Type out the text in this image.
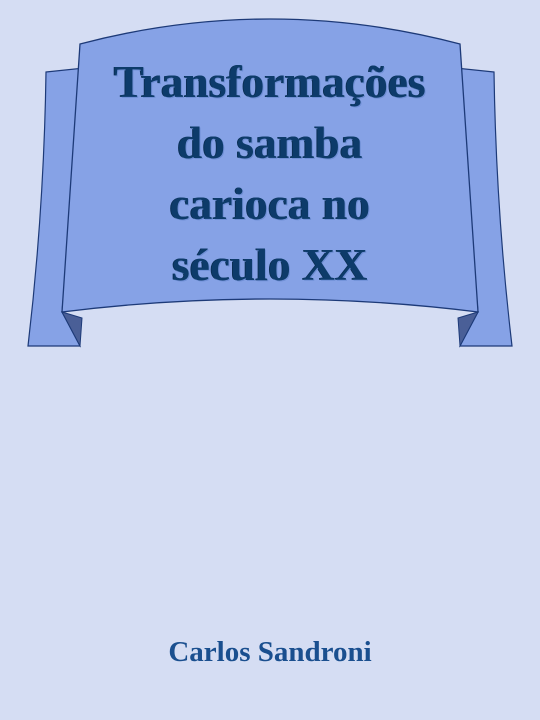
Transformações
do samba
carioca no
século XX
Carlos Sandroni
